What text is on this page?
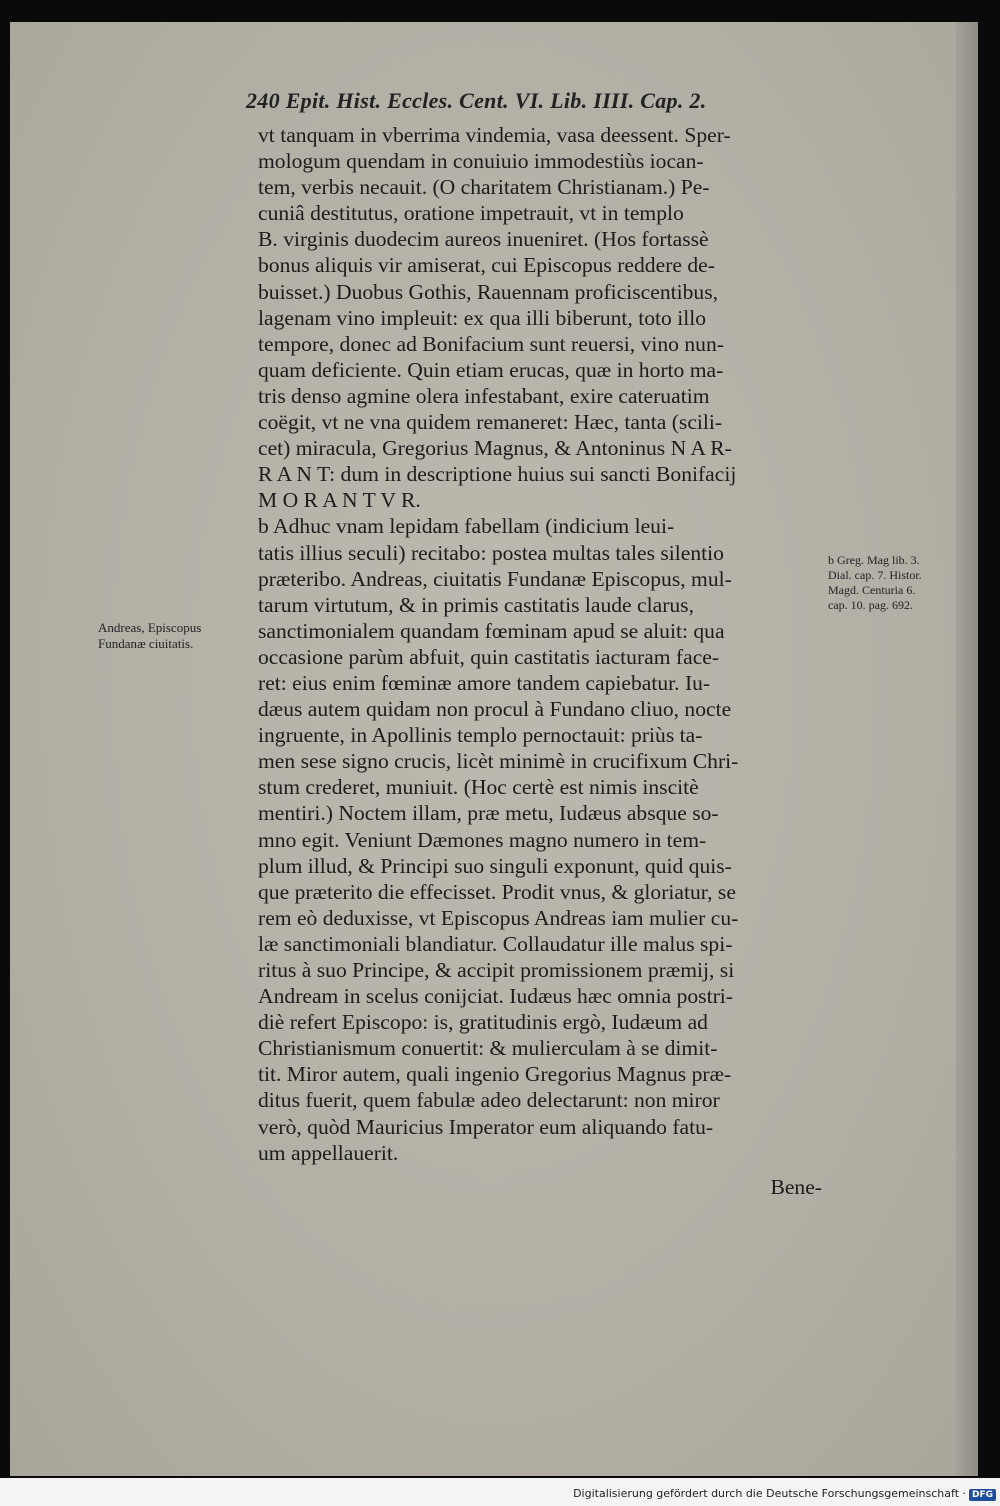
240 Epit. Hist. Eccles. Cent. VI. Lib. IIII. Cap. 2.
Andreas, Episcopus
Fundanæ ciuitatis.
b Greg. Mag lib. 3.
Dial. cap. 7. Histor.
Magd. Centuria 6.
cap. 10. pag. 692.
vt tanquam in vberrima vindemia, vasa deessent. Sper-
mologum quendam in conuiuio immodestiùs iocan-
tem, verbis necauit. (O charitatem Christianam.) Pe-
cuniâ destitutus, oratione impetrauit, vt in templo
B. virginis duodecim aureos inueniret. (Hos fortassè
bonus aliquis vir amiserat, cui Episcopus reddere de-
buisset.) Duobus Gothis, Rauennam proficiscentibus,
lagenam vino impleuit: ex qua illi biberunt, toto illo
tempore, donec ad Bonifacium sunt reuersi, vino nun-
quam deficiente. Quin etiam erucas, quæ in horto ma-
tris denso agmine olera infestabant, exire cateruatim
coëgit, vt ne vna quidem remaneret: Hæc, tanta (scili-
cet) miracula, Gregorius Magnus, & Antoninus N A R-
R A N T: dum in descriptione huius sui sancti Bonifacij
M O R A N T V R.
b Adhuc vnam lepidam fabellam (indicium leui-
tatis illius seculi) recitabo: postea multas tales silentio
præteribo. Andreas, ciuitatis Fundanæ Episcopus, mul-
tarum virtutum, & in primis castitatis laude clarus,
sanctimonialem quandam fœminam apud se aluit: qua
occasione parùm abfuit, quin castitatis iacturam face-
ret: eius enim fœminæ amore tandem capiebatur. Iu-
dæus autem quidam non procul à Fundano cliuo, nocte
ingruente, in Apollinis templo pernoctauit: priùs ta-
men sese signo crucis, licèt minimè in crucifixum Chri-
stum crederet, muniuit. (Hoc certè est nimis inscitè
mentiri.) Noctem illam, præ metu, Iudæus absque so-
mno egit. Veniunt Dæmones magno numero in tem-
plum illud, & Principi suo singuli exponunt, quid quis-
que præterito die effecisset. Prodit vnus, & gloriatur, se
rem eò deduxisse, vt Episcopus Andreas iam mulier cu-
læ sanctimoniali blandiatur. Collaudatur ille malus spi-
ritus à suo Principe, & accipit promissionem præmij, si
Andream in scelus conijciat. Iudæus hæc omnia postri-
diè refert Episcopo: is, gratitudinis ergò, Iudæum ad
Christianismum conuertit: & mulierculam à se dimit-
tit. Miror autem, quali ingenio Gregorius Magnus præ-
ditus fuerit, quem fabulæ adeo delectarunt: non miror
verò, quòd Mauricius Imperator eum aliquando fatu-
um appellauerit.
Bene-
Digitalisierung gefördert durch die Deutsche Forschungsgemeinschaft · DFG
